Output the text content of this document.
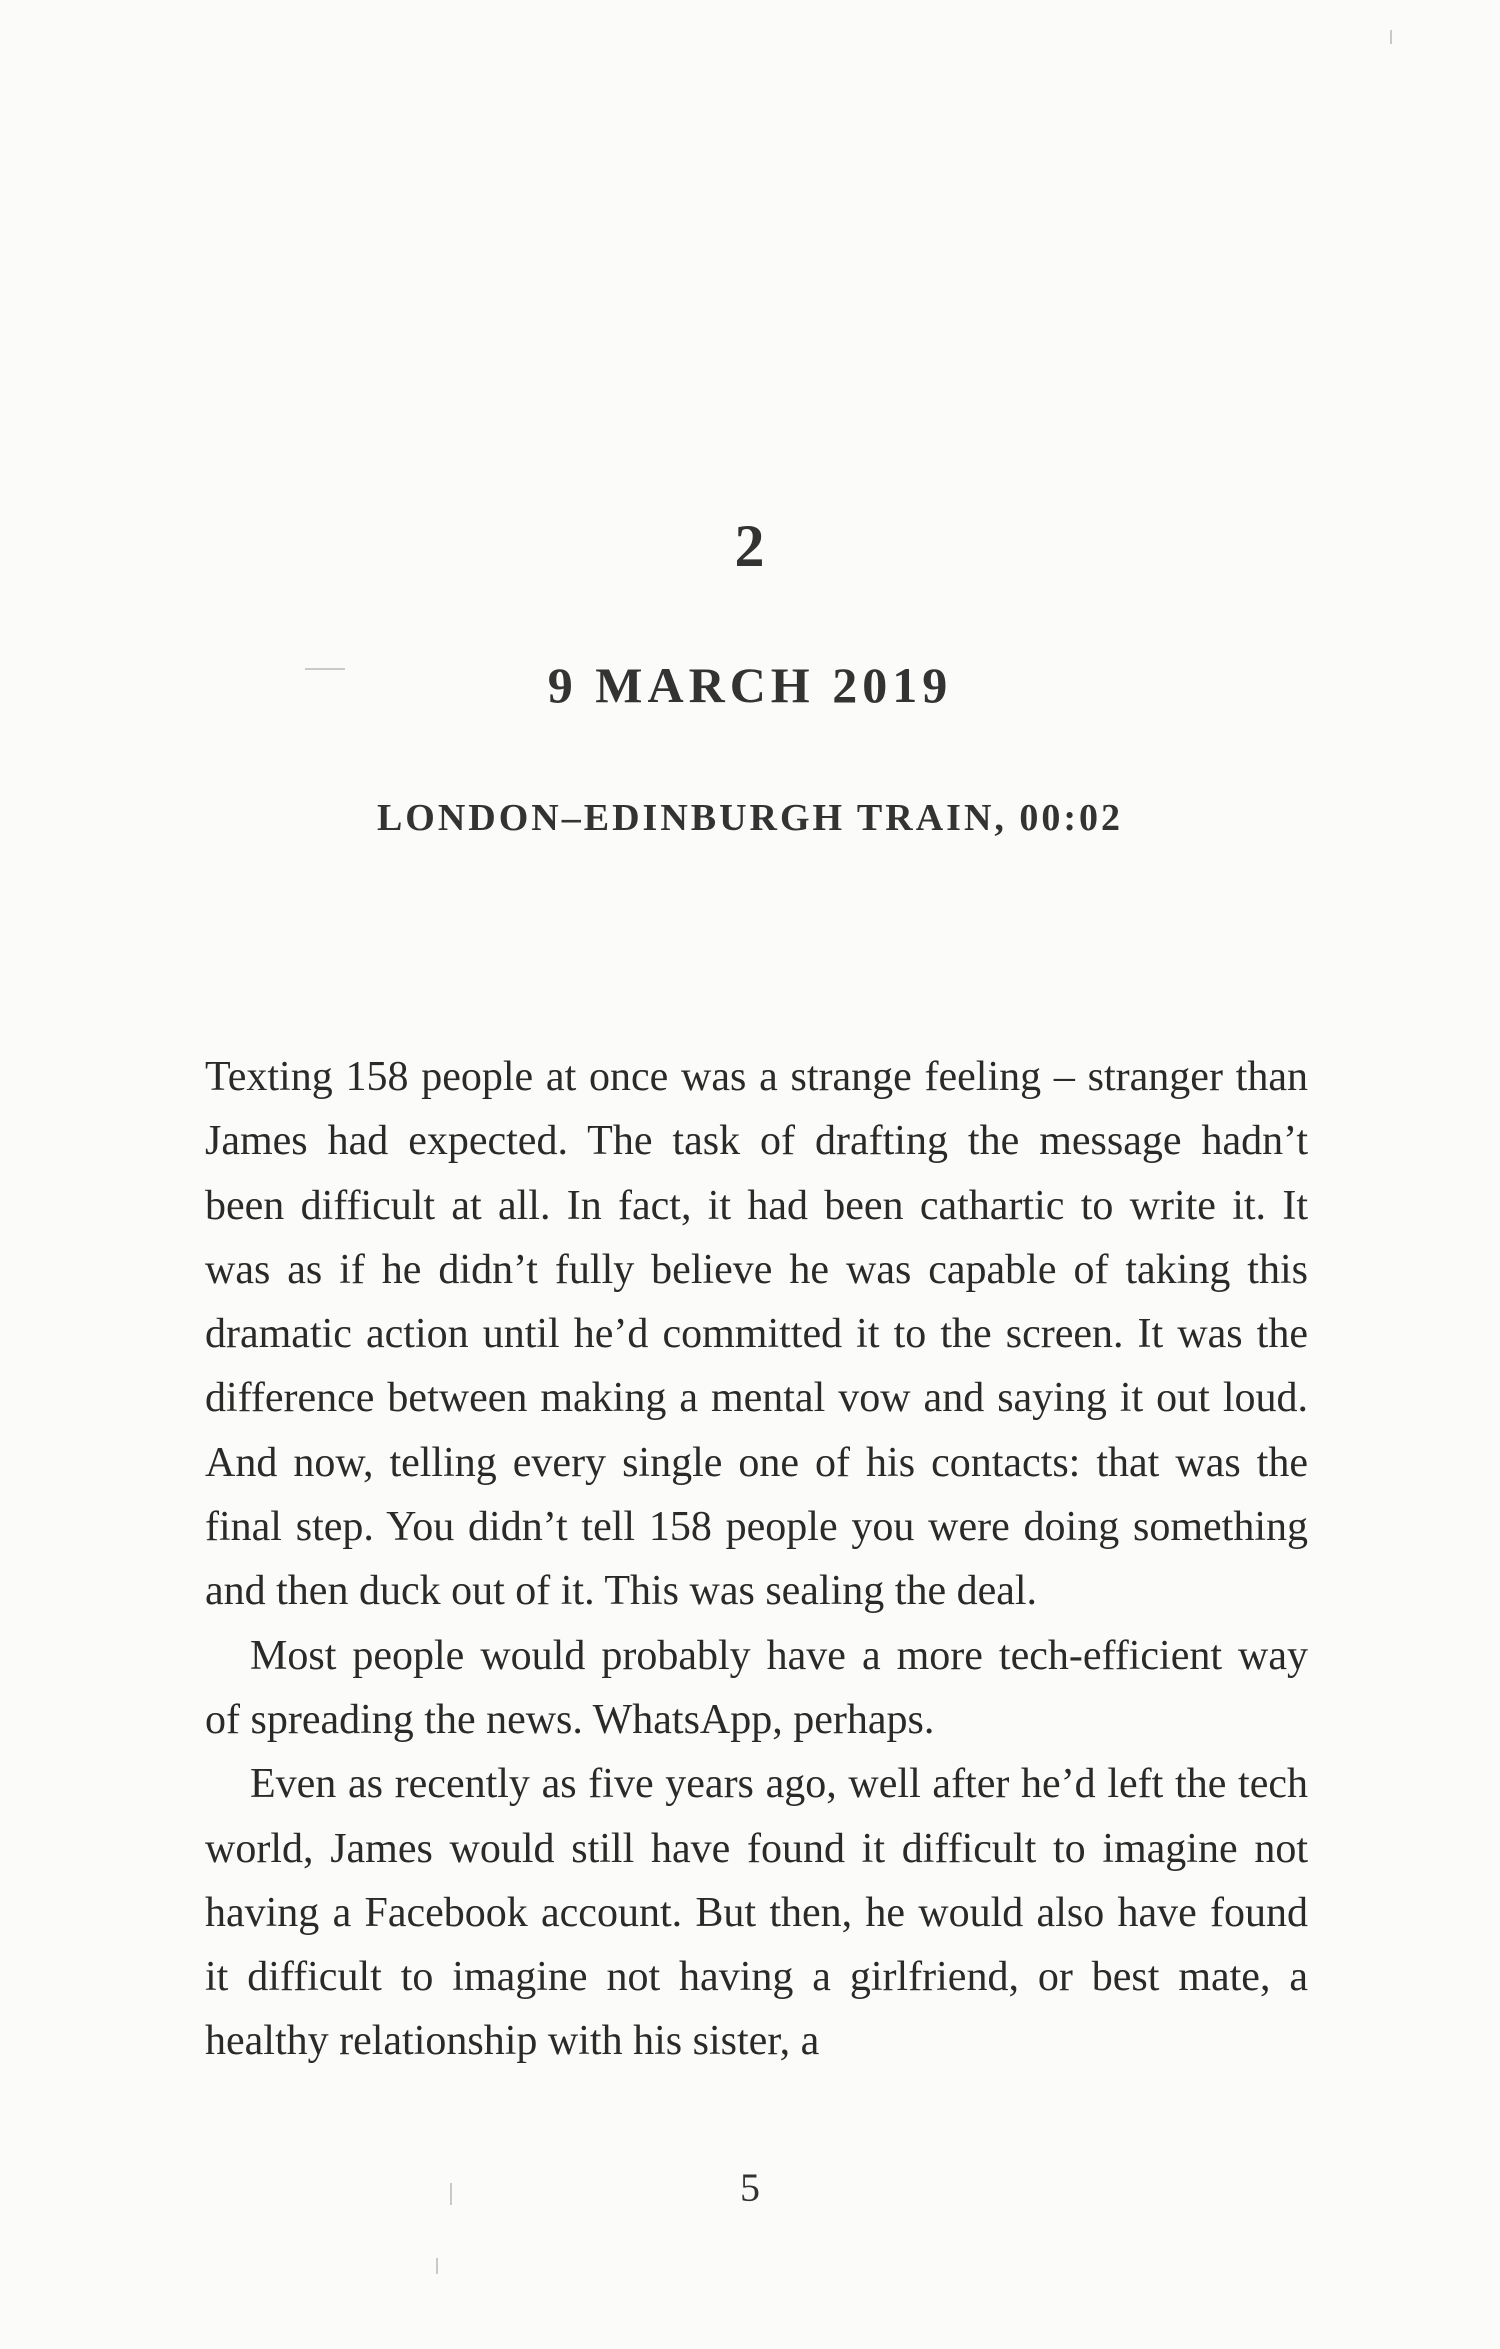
2
9 MARCH 2019
LONDON–EDINBURGH TRAIN, 00:02

Texting 158 people at once was a strange feeling – stranger than James had expected. The task of drafting the message hadn’t been difficult at all. In fact, it had been cathartic to write it. It was as if he didn’t fully believe he was capable of taking this dramatic action until he’d committed it to the screen. It was the difference between making a mental vow and saying it out loud. And now, telling every single one of his contacts: that was the final step. You didn’t tell 158 people you were doing something and then duck out of it. This was sealing the deal.

Most people would probably have a more tech-efficient way of spreading the news. WhatsApp, perhaps.

Even as recently as five years ago, well after he’d left the tech world, James would still have found it difficult to imagine not having a Facebook account. But then, he would also have found it difficult to imagine not having a girlfriend, or best mate, a healthy relationship with his sister, a

5
